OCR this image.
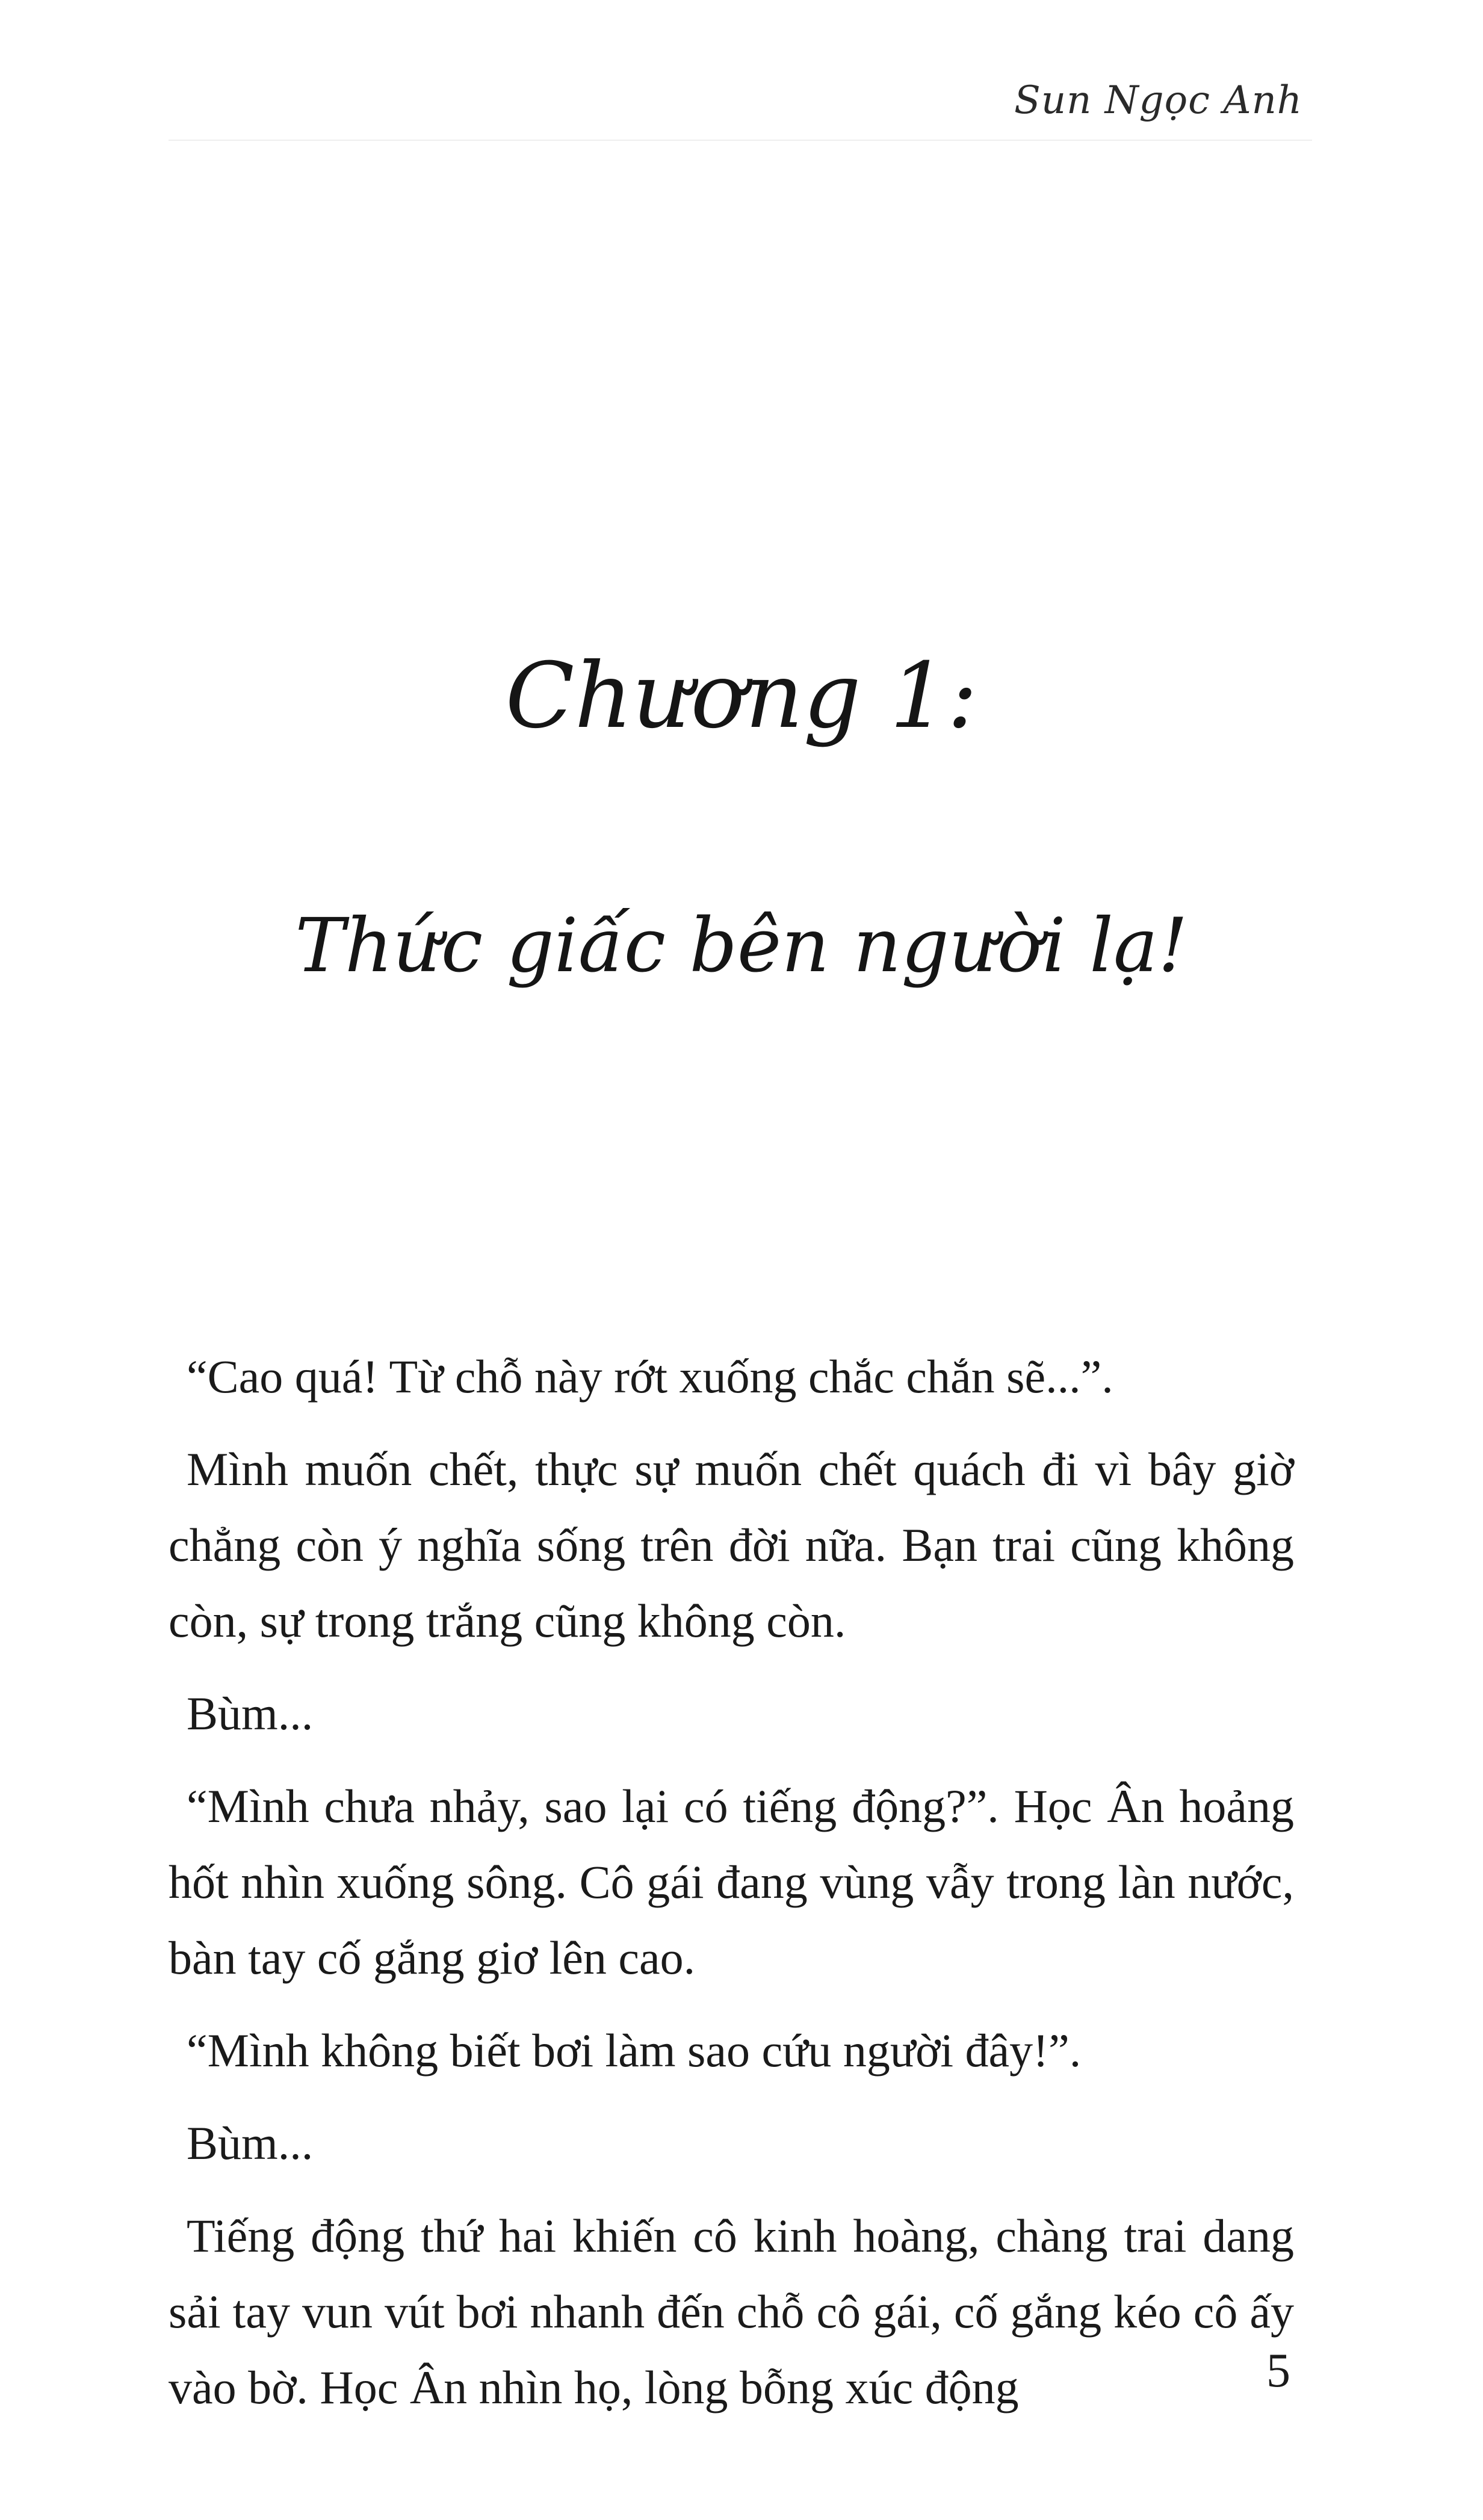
Sun Ngọc Anh
Chương 1:
Thức giấc bên người lạ!

“Cao quá! Từ chỗ này rớt xuống chắc chắn sẽ...”.

Mình muốn chết, thực sự muốn chết quách đi vì bây giờ chẳng còn ý nghĩa sống trên đời nữa. Bạn trai cũng không còn, sự trong trắng cũng không còn.

Bùm...

“Mình chưa nhảy, sao lại có tiếng động?”. Học Ân hoảng hốt nhìn xuống sông. Cô gái đang vùng vẫy trong làn nước, bàn tay cố gắng giơ lên cao.

“Mình không biết bơi làm sao cứu người đây!”.

Bùm...

Tiếng động thứ hai khiến cô kinh hoàng, chàng trai dang sải tay vun vút bơi nhanh đến chỗ cô gái, cố gắng kéo cô ấy vào bờ. Học Ân nhìn họ, lòng bỗng xúc động	5
